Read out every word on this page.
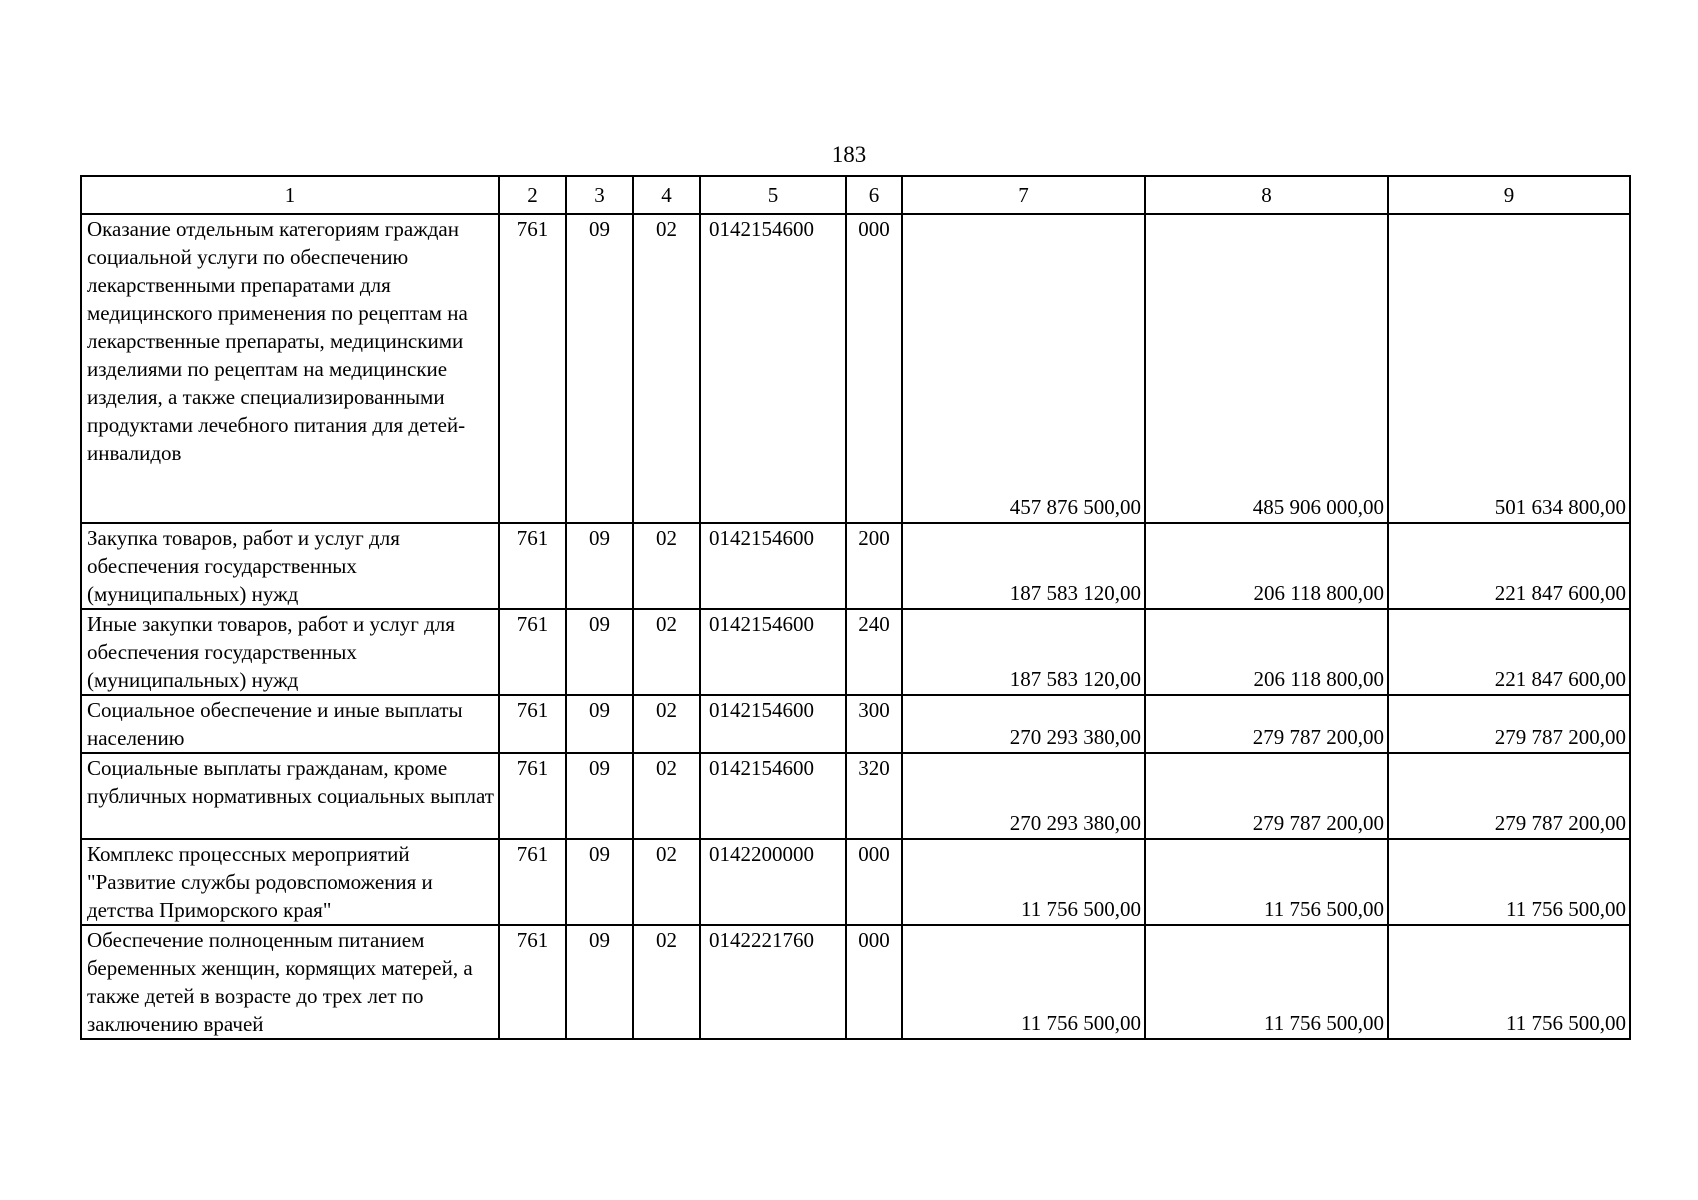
183
1	2	3	4	5	6	7	8	9
Оказание отдельным категориям граждан социальной услуги по обеспечению лекарственными препаратами для медицинского применения по рецептам на лекарственные препараты, медицинскими изделиями по рецептам на медицинские изделия, а также специализированными продуктами лечебного питания для детей-инвалидов	761	09	02	0142154600	000	457 876 500,00	485 906 000,00	501 634 800,00
Закупка товаров, работ и услуг для обеспечения государственных (муниципальных) нужд	761	09	02	0142154600	200	187 583 120,00	206 118 800,00	221 847 600,00
Иные закупки товаров, работ и услуг для обеспечения государственных (муниципальных) нужд	761	09	02	0142154600	240	187 583 120,00	206 118 800,00	221 847 600,00
Социальное обеспечение и иные выплаты населению	761	09	02	0142154600	300	270 293 380,00	279 787 200,00	279 787 200,00
Социальные выплаты гражданам, кроме публичных нормативных социальных выплат	761	09	02	0142154600	320	270 293 380,00	279 787 200,00	279 787 200,00
Комплекс процессных мероприятий "Развитие службы родовспоможения и детства Приморского края"	761	09	02	0142200000	000	11 756 500,00	11 756 500,00	11 756 500,00
Обеспечение полноценным питанием беременных женщин, кормящих матерей, а также детей в возрасте до трех лет по заключению врачей	761	09	02	0142221760	000	11 756 500,00	11 756 500,00	11 756 500,00
